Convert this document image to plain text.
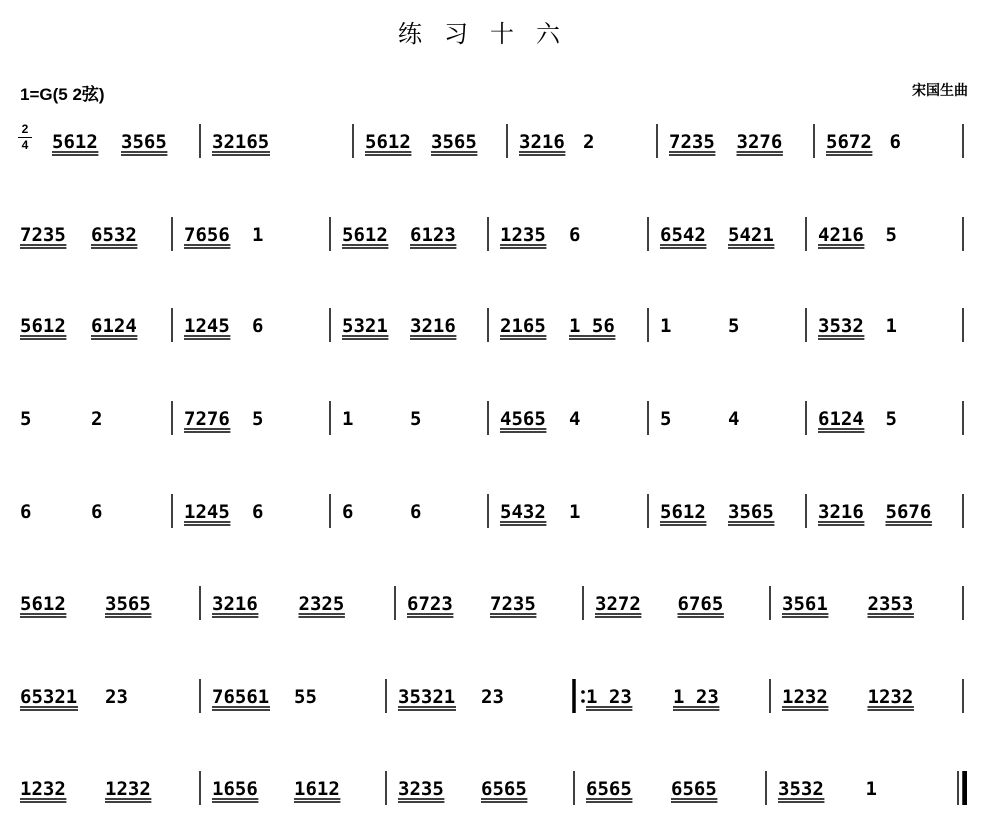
练习十六
1=G(5 2弦)	宋国生曲
2
4 5612 3565 32165	5612 3565 3216 2	7235 3276 5672 6
7235 6532 7656 1	5612 6123 1235 6	6542 5421 4216 5
5612 6124 1245 6	5321 3216 2165 1 56 1	5	3532 1
5	2	7276 5	1	5	4565 4	5	4	6124 5
6	6	1245 6	6	6	5432 1	5612 3565 3216 5676
5612 3565	3216 2325	6723 7235	3272 6765	3561 2353
65321 23	76561 55	35321 23	1 23 1 23	1232 1232
1232 1232	1656 1612	3235 6565	6565 6565	3532 1
